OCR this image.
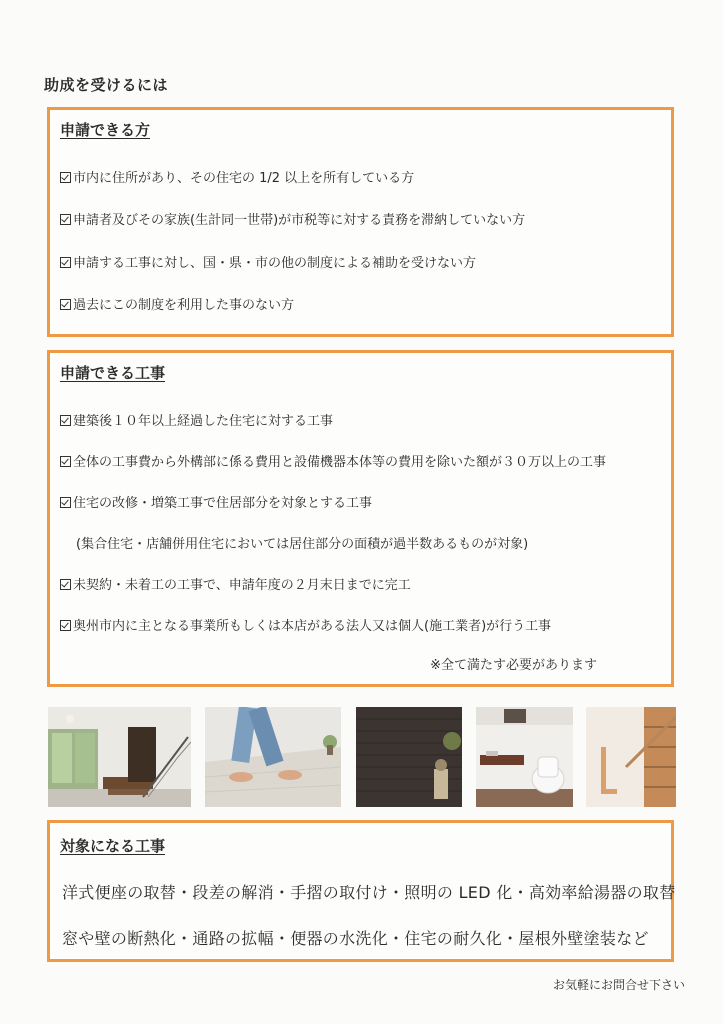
助成を受けるには
申請できる方
市内に住所があり、その住宅の 1/2 以上を所有している方
申請者及びその家族(生計同一世帯)が市税等に対する責務を滞納していない方
申請する工事に対し、国・県・市の他の制度による補助を受けない方
過去にこの制度を利用した事のない方
申請できる工事
建築後１０年以上経過した住宅に対する工事
全体の工事費から外構部に係る費用と設備機器本体等の費用を除いた額が３０万以上の工事
住宅の改修・増築工事で住居部分を対象とする工事
(集合住宅・店舗併用住宅においては居住部分の面積が過半数あるものが対象)
未契約・未着工の工事で、申請年度の２月末日までに完工
奥州市内に主となる事業所もしくは本店がある法人又は個人(施工業者)が行う工事
※全て満たす必要があります
対象になる工事
洋式便座の取替・段差の解消・手摺の取付け・照明の LED 化・高効率給湯器の取替
窓や壁の断熱化・通路の拡幅・便器の水洗化・住宅の耐久化・屋根外壁塗装など
お気軽にお問合せ下さい
